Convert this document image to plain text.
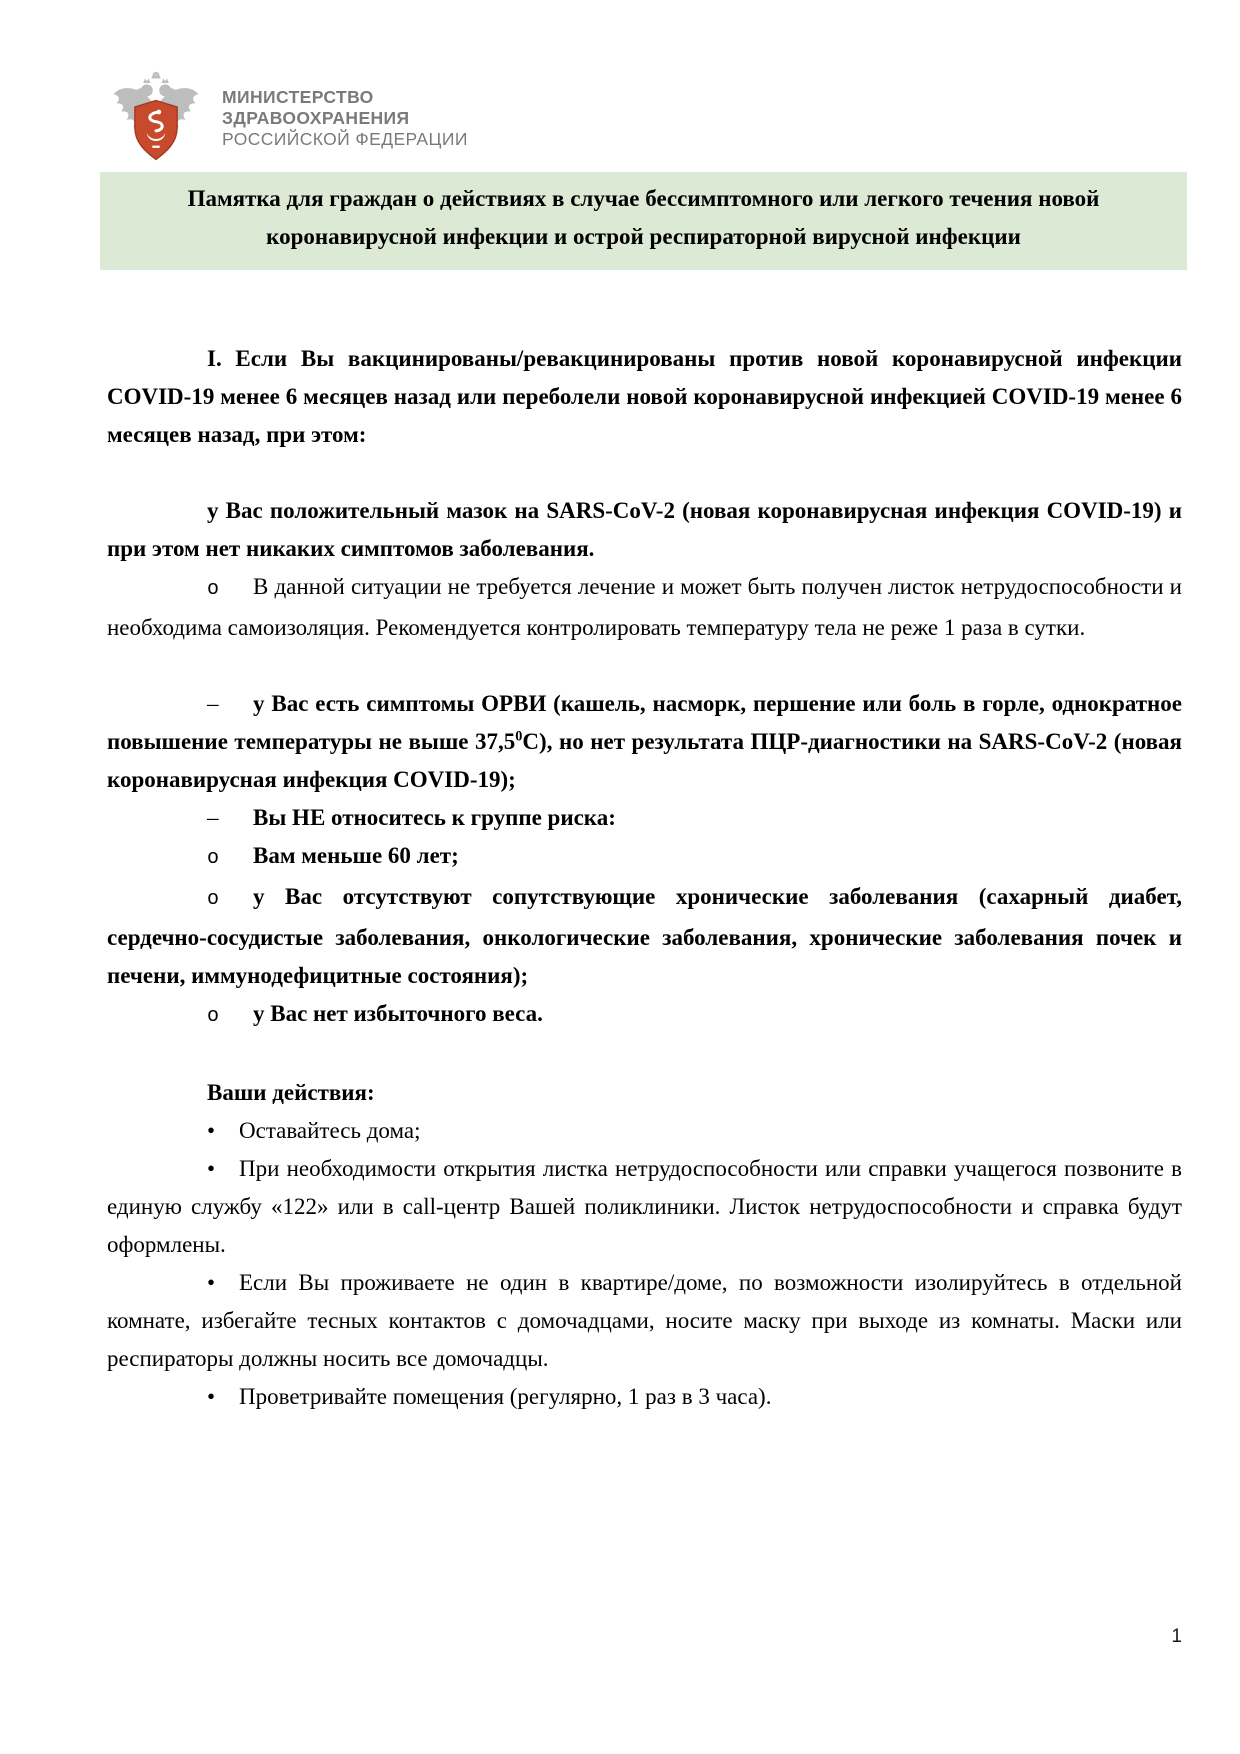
МИНИСТЕРСТВО
ЗДРАВООХРАНЕНИЯ
РОССИЙСКОЙ ФЕДЕРАЦИИ
Памятка для граждан о действиях в случае бессимптомного или легкого течения новой коронавирусной инфекции и острой респираторной вирусной инфекции

I. Если Вы вакцинированы/ревакцинированы против новой коронавирусной инфекции COVID-19 менее 6 месяцев назад или переболели новой коронавирусной инфекцией COVID-19 менее 6 месяцев назад, при этом:

у Вас положительный мазок на SARS-CoV-2 (новая коронавирусная инфекция COVID-19) и при этом нет никаких симптомов заболевания.

o В данной ситуации не требуется лечение и может быть получен листок нетрудоспособности и необходима самоизоляция. Рекомендуется контролировать температуру тела не реже 1 раза в сутки.

– у Вас есть симптомы ОРВИ (кашель, насморк, першение или боль в горле, однократное повышение температуры не выше 37,5$^0$С), но нет результата ПЦР-диагностики на SARS-CoV-2 (новая коронавирусная инфекция COVID-19);

– Вы НЕ относитесь к группе риска:

o Вам меньше 60 лет;

o у Вас отсутствуют сопутствующие хронические заболевания (сахарный диабет, сердечно-сосудистые заболевания, онкологические заболевания, хронические заболевания почек и печени, иммунодефицитные состояния);

o у Вас нет избыточного веса.

Ваши действия:

• Оставайтесь дома;

• При необходимости открытия листка нетрудоспособности или справки учащегося позвоните в единую службу «122» или в call-центр Вашей поликлиники. Листок нетрудоспособности и справка будут оформлены.

• Если Вы проживаете не один в квартире/доме, по возможности изолируйтесь в отдельной комнате, избегайте тесных контактов с домочадцами, носите маску при выходе из комнаты. Маски или респираторы должны носить все домочадцы.

• Проветривайте помещения (регулярно, 1 раз в 3 часа).

1
